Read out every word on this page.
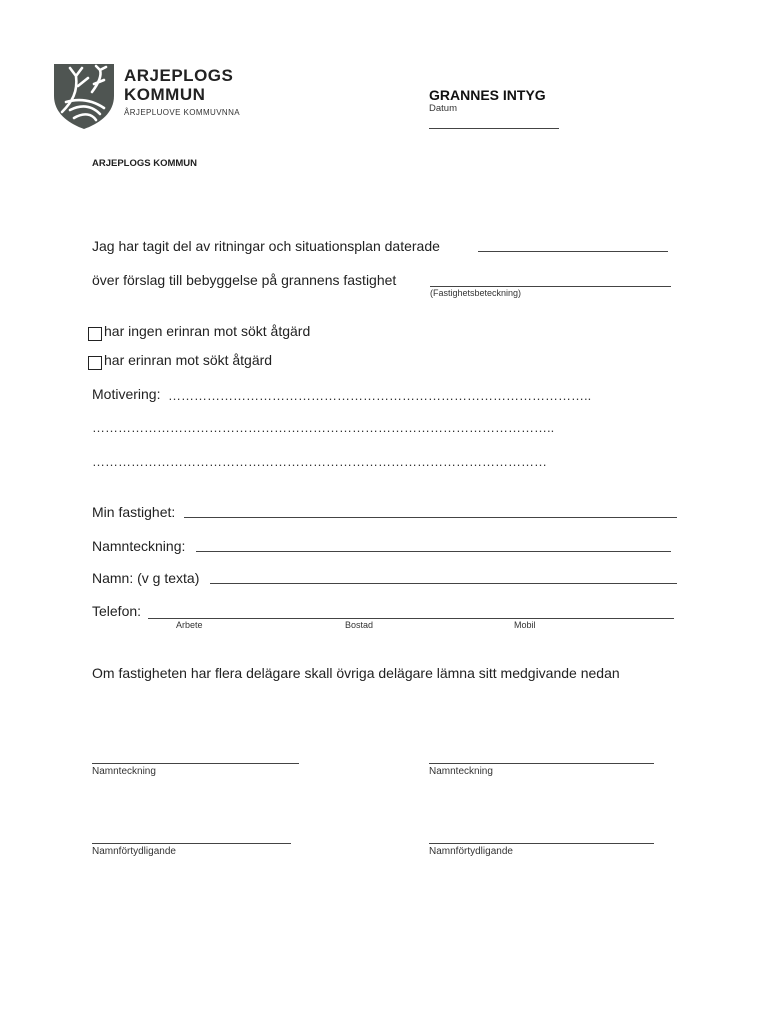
ARJEPLOGS
KOMMUN
ÅRJEPLUOVE KOMMUVNNA
GRANNES INTYG
Datum
ARJEPLOGS KOMMUN
Jag har tagit del av ritningar och situationsplan daterade
över förslag till bebyggelse på grannens fastighet
(Fastighetsbeteckning)
har ingen erinran mot sökt åtgärd
har erinran mot sökt åtgärd
Motivering: ……………………………………………………………………………………..
……………………………………………………………………………………………..
……………………………………………………………………………………………
Min fastighet:
Namnteckning:
Namn: (v g texta)
Telefon:
Arbete	Bostad	Mobil
Om fastigheten har flera delägare skall övriga delägare lämna sitt medgivande nedan
Namnteckning	Namnteckning
Namnförtydligande	Namnförtydligande
